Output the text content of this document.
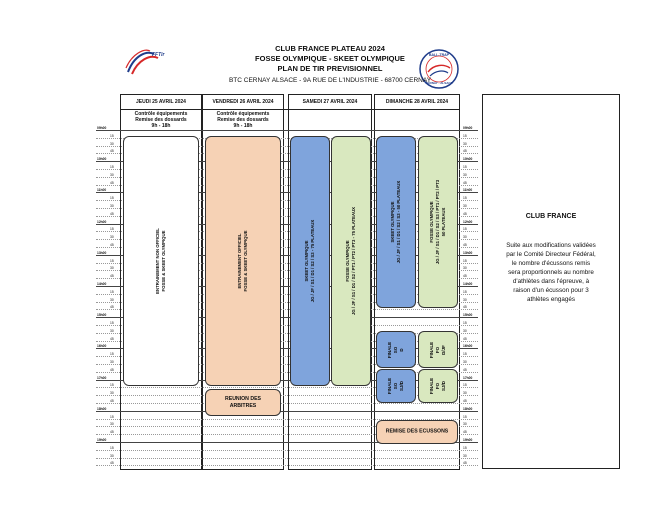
FFTir	BALL-TRAP
CERNAY - ALSACE
CLUB FRANCE PLATEAU 2024
FOSSE OLYMPIQUE - SKEET OLYMPIQUE
PLAN DE TIR PREVISIONNEL
BTC CERNAY ALSACE - 9A RUE DE L'INDUSTRIE - 68700 CERNAY
JEUDI 25 AVRIL 2024	VENDREDI 26 AVRIL 2024	SAMEDI 27 AVRIL 2024	DIMANCHE 28 AVRIL 2024
Contrôle équipements
Remise des dossards
9h - 18h
Contrôle équipements
Remise des dossards
9h - 18h
09h00	09h00
15	15
30	30
45	45
10h00	10h00
15	15
30	30
45	45
11h00	11h00
15	15
30	30
45	45
12h00	12h00
15	15
30	30
45	45
13h00	13h00
15	15
30	30
45	45
14h00	14h00
15	15
30	30
45	45
15h00	15h00
15	15
30	30
45	45
16h00	16h00
15	15
30	30
45	45
17h00	17h00
15	15
30	30
45	45
18h00	18h00
15	15
30	30
45	45
19h00	19h00
15	15
30	30
45	45
ENTRAINEMENT NON OFFICIEL FOSSE & SKEET OLYMPIQUE	ENTRAINEMENT OFFICIEL FOSSE & SKEET OLYMPIQUE
REUNION DES
ARBITRES
SKEET OLYMPIQUE JG / JF / S1 / D1 / S2 / S3 - 75 PLATEAUX	FOSSE OLYMPIQUE JG / JF / S1 / D1 / S2 / PT1 / PT2 / PT3 - 75 PLATEAUX	SKEET OLYMPIQUE JG / JF / S1 / D1 / S2 / S3 - 50 PLATEAUX	FOSSE OLYMPIQUE JG / JF / S1 / D1 / S2 / S3 / PT1 / PT2 / PT3 50 PLATEAUX
FINALE SO D	FINALE FO D/JF
FINALE SO SJ/D	FINALE FO SJ/D
REMISE DES ECUSSONS
CLUB FRANCE
Suite aux modifications validées par le Comité Directeur Fédéral, le nombre d'écussons remis sera proportionnels au nombre d'athlètes dans l'épreuve, à raison d'un écusson pour 3 athlètes engagés
